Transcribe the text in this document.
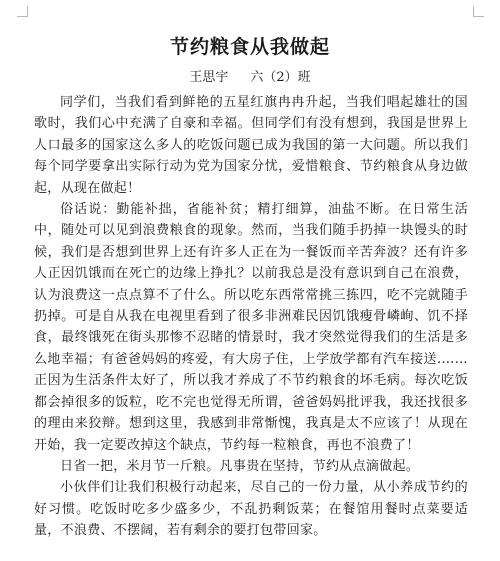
节约粮食从我做起

王思宇 六（2）班

同学们，当我们看到鲜艳的五星红旗冉冉升起，当我们唱起雄壮的国歌时，我们心中充满了自豪和幸福。但同学们有没有想到，我国是世界上人口最多的国家这么多人的吃饭问题已成为我国的第一大问题。所以我们每个同学要拿出实际行动为党为国家分忧，爱惜粮食、节约粮食从身边做起，从现在做起！

俗话说：勤能补拙，省能补贫；精打细算，油盐不断。在日常生活中，随处可以见到浪费粮食的现象。然而，当我们随手扔掉一块馒头的时候，我们是否想到世界上还有许多人正在为一餐饭而辛苦奔波？还有许多人正因饥饿而在死亡的边缘上挣扎？以前我总是没有意识到自己在浪费，认为浪费这一点点算不了什么。所以吃东西常常挑三拣四，吃不完就随手扔掉。可是自从我在电视里看到了很多非洲难民因饥饿瘦骨嶙峋、饥不择食，最终饿死在街头那惨不忍睹的情景时，我才突然觉得我们的生活是多么地幸福；有爸爸妈妈的疼爱，有大房子住，上学放学都有汽车接送.……正因为生活条件太好了，所以我才养成了不节约粮食的坏毛病。每次吃饭都会掉很多的饭粒，吃不完也觉得无所谓，爸爸妈妈批评我，我还找很多的理由来狡辩。想到这里，我感到非常惭愧，我真是太不应该了！从现在开始，我一定要改掉这个缺点，节约每一粒粮食，再也不浪费了！

日省一把，米月节一斤粮。凡事贵在坚持，节约从点滴做起。

小伙伴们让我们积极行动起来，尽自己的一份力量，从小养成节约的好习惯。吃饭时吃多少盛多少，不乱扔剩饭菜；在餐馆用餐时点菜要适量，不浪费、不摆阔，若有剩余的要打包带回家。
